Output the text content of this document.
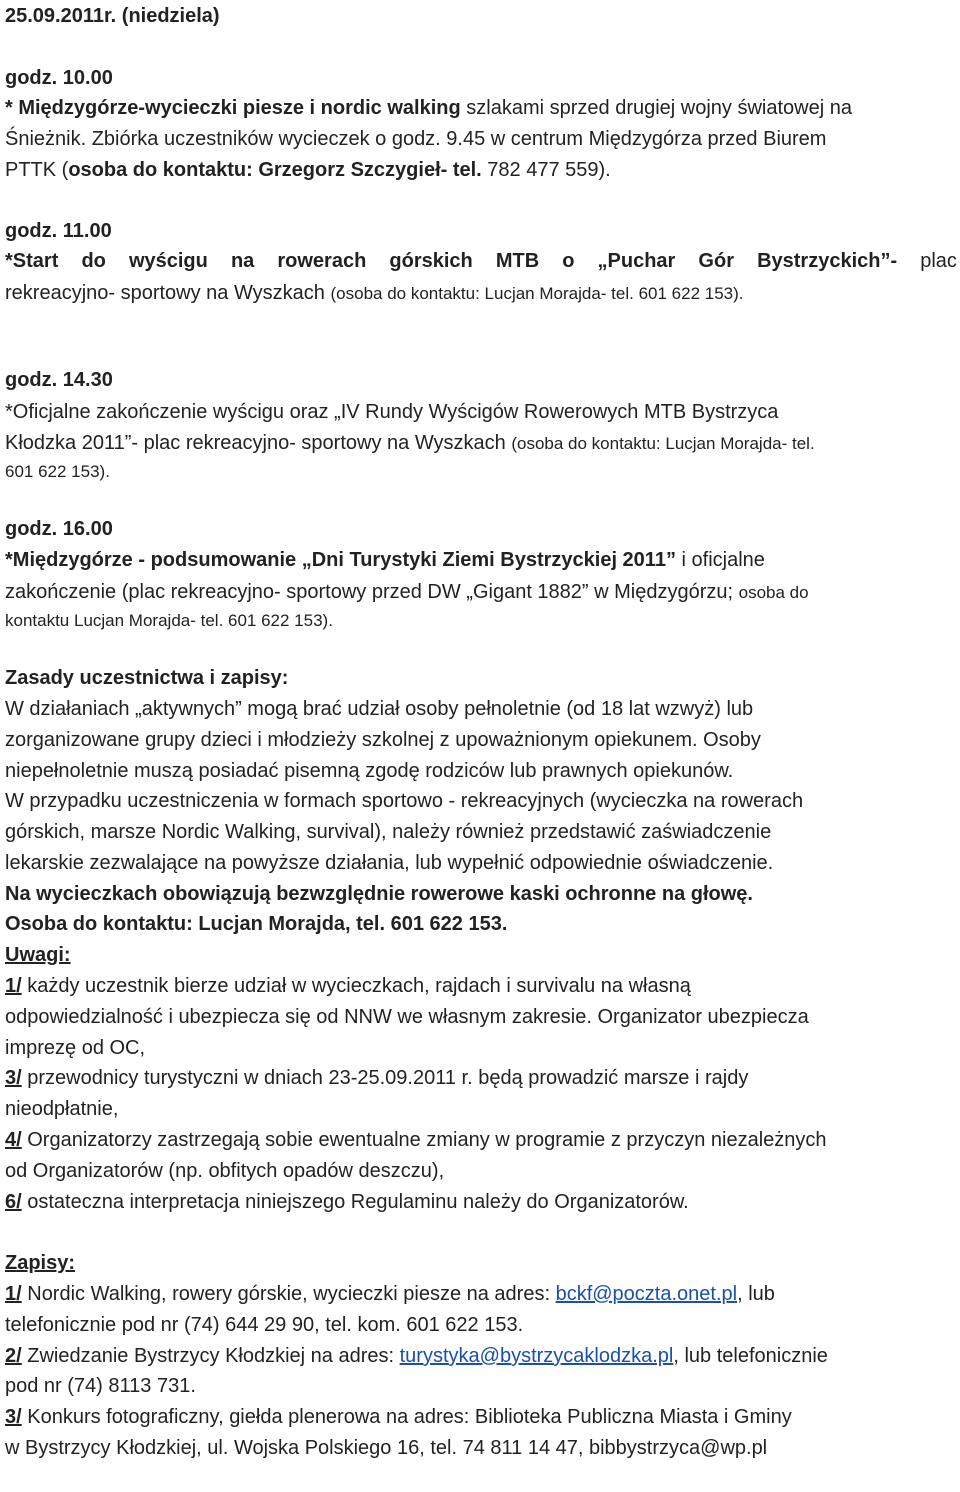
25.09.2011r. (niedziela)

godz. 10.00

* Międzygórze-wycieczki piesze i nordic walking szlakami sprzed drugiej wojny światowej na

Śnieżnik. Zbiórka uczestników wycieczek o godz. 9.45 w centrum Międzygórza przed Biurem

PTTK (osoba do kontaktu: Grzegorz Szczygieł- tel. 782 477 559).

godz. 11.00

*Start do wyścigu na rowerach górskich MTB o „Puchar Gór Bystrzyckich”- plac

rekreacyjno- sportowy na Wyszkach (osoba do kontaktu: Lucjan Morajda- tel. 601 622 153).

godz. 14.30

*Oficjalne zakończenie wyścigu oraz „IV Rundy Wyścigów Rowerowych MTB Bystrzyca

Kłodzka 2011”- plac rekreacyjno- sportowy na Wyszkach (osoba do kontaktu: Lucjan Morajda- tel.

601 622 153).

godz. 16.00

*Międzygórze - podsumowanie „Dni Turystyki Ziemi Bystrzyckiej 2011” i oficjalne

zakończenie (plac rekreacyjno- sportowy przed DW „Gigant 1882” w Międzygórzu; osoba do

kontaktu Lucjan Morajda- tel. 601 622 153).

Zasady uczestnictwa i zapisy:

W działaniach „aktywnych” mogą brać udział osoby pełnoletnie (od 18 lat wzwyż) lub

zorganizowane grupy dzieci i młodzieży szkolnej z upoważnionym opiekunem. Osoby

niepełnoletnie muszą posiadać pisemną zgodę rodziców lub prawnych opiekunów.

W przypadku uczestniczenia w formach sportowo - rekreacyjnych (wycieczka na rowerach

górskich, marsze Nordic Walking, survival), należy również przedstawić zaświadczenie

lekarskie zezwalające na powyższe działania, lub wypełnić odpowiednie oświadczenie.

Na wycieczkach obowiązują bezwzględnie rowerowe kaski ochronne na głowę.

Osoba do kontaktu: Lucjan Morajda, tel. 601 622 153.

Uwagi:

1/ każdy uczestnik bierze udział w wycieczkach, rajdach i survivalu na własną

odpowiedzialność i ubezpiecza się od NNW we własnym zakresie. Organizator ubezpiecza

imprezę od OC,

3/ przewodnicy turystyczni w dniach 23-25.09.2011 r. będą prowadzić marsze i rajdy

nieodpłatnie,

4/ Organizatorzy zastrzegają sobie ewentualne zmiany w programie z przyczyn niezależnych

od Organizatorów (np. obfitych opadów deszczu),

6/ ostateczna interpretacja niniejszego Regulaminu należy do Organizatorów.

Zapisy:

1/ Nordic Walking, rowery górskie, wycieczki piesze na adres: bckf@poczta.onet.pl, lub

telefonicznie pod nr (74) 644 29 90, tel. kom. 601 622 153.

2/ Zwiedzanie Bystrzycy Kłodzkiej na adres: turystyka@bystrzycaklodzka.pl, lub telefonicznie

pod nr (74) 8113 731.

3/ Konkurs fotograficzny, giełda plenerowa na adres: Biblioteka Publiczna Miasta i Gminy

w Bystrzycy Kłodzkiej, ul. Wojska Polskiego 16, tel. 74 811 14 47, bibbystrzyca@wp.pl
